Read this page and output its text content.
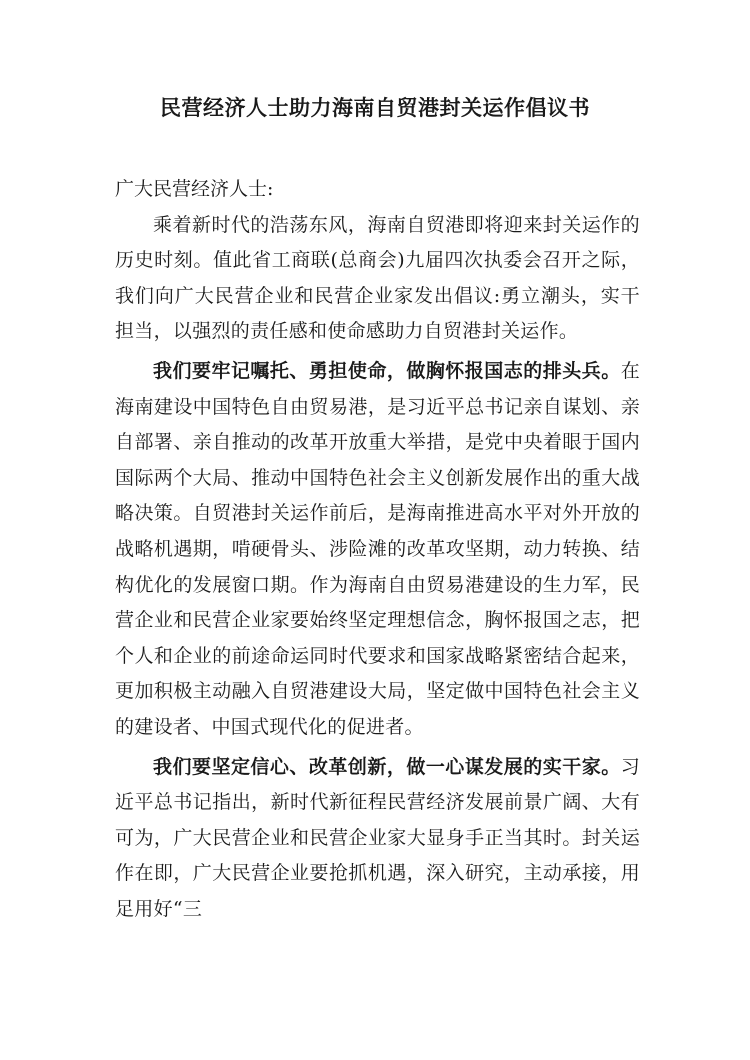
民营经济人士助力海南自贸港封关运作倡议书

广大民营经济人士:

乘着新时代的浩荡东风，海南自贸港即将迎来封关运作的历史时刻。值此省工商联(总商会)九届四次执委会召开之际，我们向广大民营企业和民营企业家发出倡议:勇立潮头，实干担当，以强烈的责任感和使命感助力自贸港封关运作。

我们要牢记嘱托、勇担使命，做胸怀报国志的排头兵。在海南建设中国特色自由贸易港，是习近平总书记亲自谋划、亲自部署、亲自推动的改革开放重大举措，是党中央着眼于国内国际两个大局、推动中国特色社会主义创新发展作出的重大战略决策。自贸港封关运作前后，是海南推进高水平对外开放的战略机遇期，啃硬骨头、涉险滩的改革攻坚期，动力转换、结构优化的发展窗口期。作为海南自由贸易港建设的生力军，民营企业和民营企业家要始终坚定理想信念，胸怀报国之志，把个人和企业的前途命运同时代要求和国家战略紧密结合起来，更加积极主动融入自贸港建设大局，坚定做中国特色社会主义的建设者、中国式现代化的促进者。

我们要坚定信心、改革创新，做一心谋发展的实干家。习近平总书记指出，新时代新征程民营经济发展前景广阔、大有可为，广大民营企业和民营企业家大显身手正当其时。封关运作在即，广大民营企业要抢抓机遇，深入研究，主动承接，用足用好“三
